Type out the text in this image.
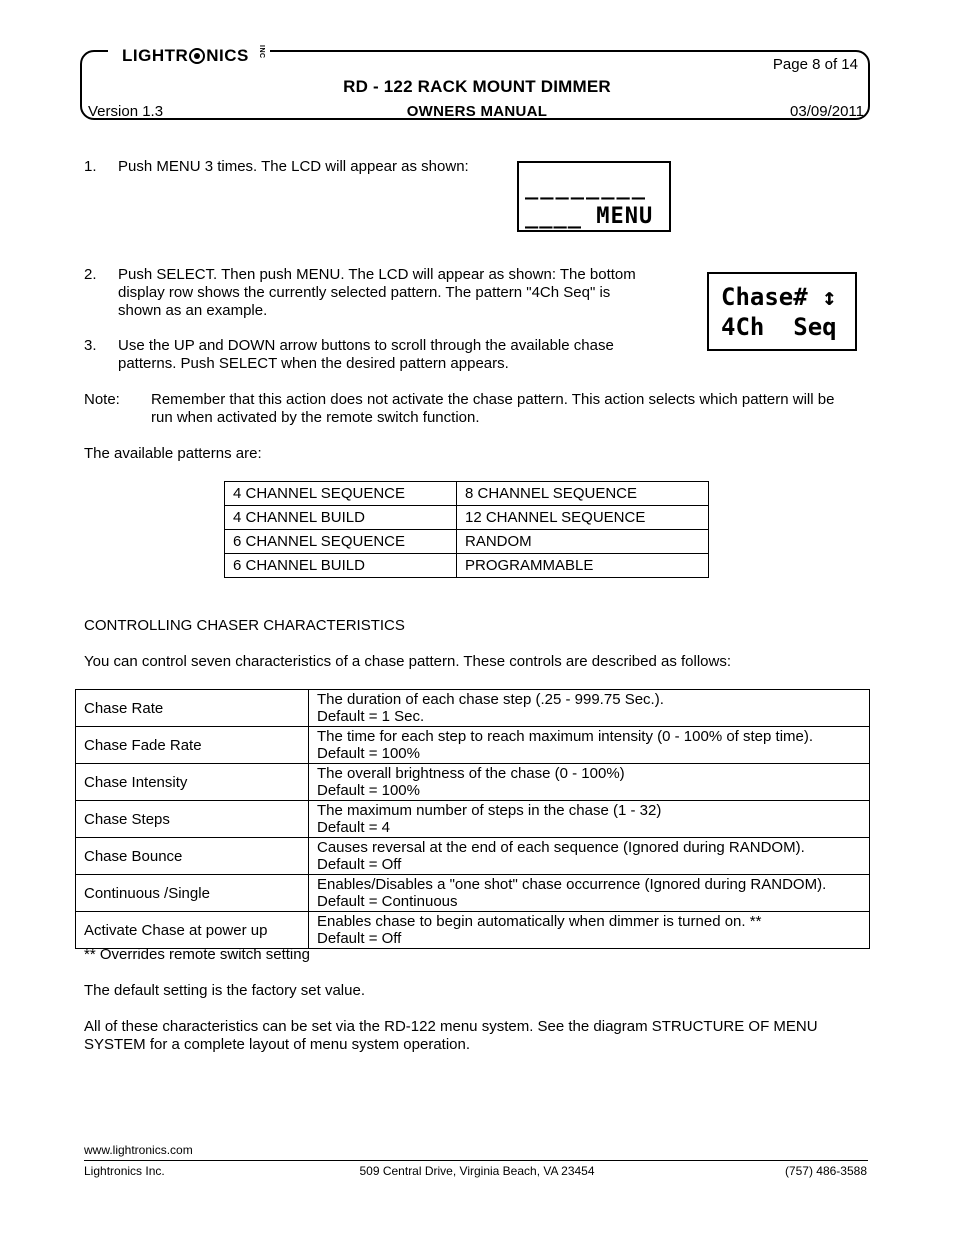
LIGHTR NICS INC
Page 8 of 14
RD - 122 RACK MOUNT DIMMER
Version 1.3	OWNERS MANUAL	03/09/2011
1. Push MENU 3 times. The LCD will appear as shown:
________
____ MENU
2. Push SELECT. Then push MENU. The LCD will appear as shown: The bottom
display row shows the currently selected pattern. The pattern "4Ch Seq" is
shown as an example.	Chase# ↕
4Ch  Seq
3. Use the UP and DOWN arrow buttons to scroll through the available chase
patterns. Push SELECT when the desired pattern appears.
Note: Remember that this action does not activate the chase pattern. This action selects which pattern will be
run when activated by the remote switch function.
The available patterns are:
4 CHANNEL SEQUENCE	8 CHANNEL SEQUENCE
4 CHANNEL BUILD	12 CHANNEL SEQUENCE
6 CHANNEL SEQUENCE	RANDOM
6 CHANNEL BUILD	PROGRAMMABLE
CONTROLLING CHASER CHARACTERISTICS
You can control seven characteristics of a chase pattern. These controls are described as follows:
Chase Rate	The duration of each chase step (.25 - 999.75 Sec.).
Default = 1 Sec.

Chase Fade Rate	The time for each step to reach maximum intensity (0 - 100% of step time).
Default = 100%

Chase Intensity	The overall brightness of the chase (0 - 100%)
Default = 100%

Chase Steps	The maximum number of steps in the chase (1 - 32)
Default = 4

Chase Bounce	Causes reversal at the end of each sequence (Ignored during RANDOM).
Default = Off

Continuous /Single	Enables/Disables a "one shot" chase occurrence (Ignored during RANDOM).
Default = Continuous

Activate Chase at power up	Enables chase to begin automatically when dimmer is turned on. **
Default = Off
** Overrides remote switch setting
The default setting is the factory set value.
All of these characteristics can be set via the RD-122 menu system. See the diagram STRUCTURE OF MENU
SYSTEM for a complete layout of menu system operation.
www.lightronics.com
Lightronics Inc.	509 Central Drive, Virginia Beach, VA 23454	(757) 486-3588
